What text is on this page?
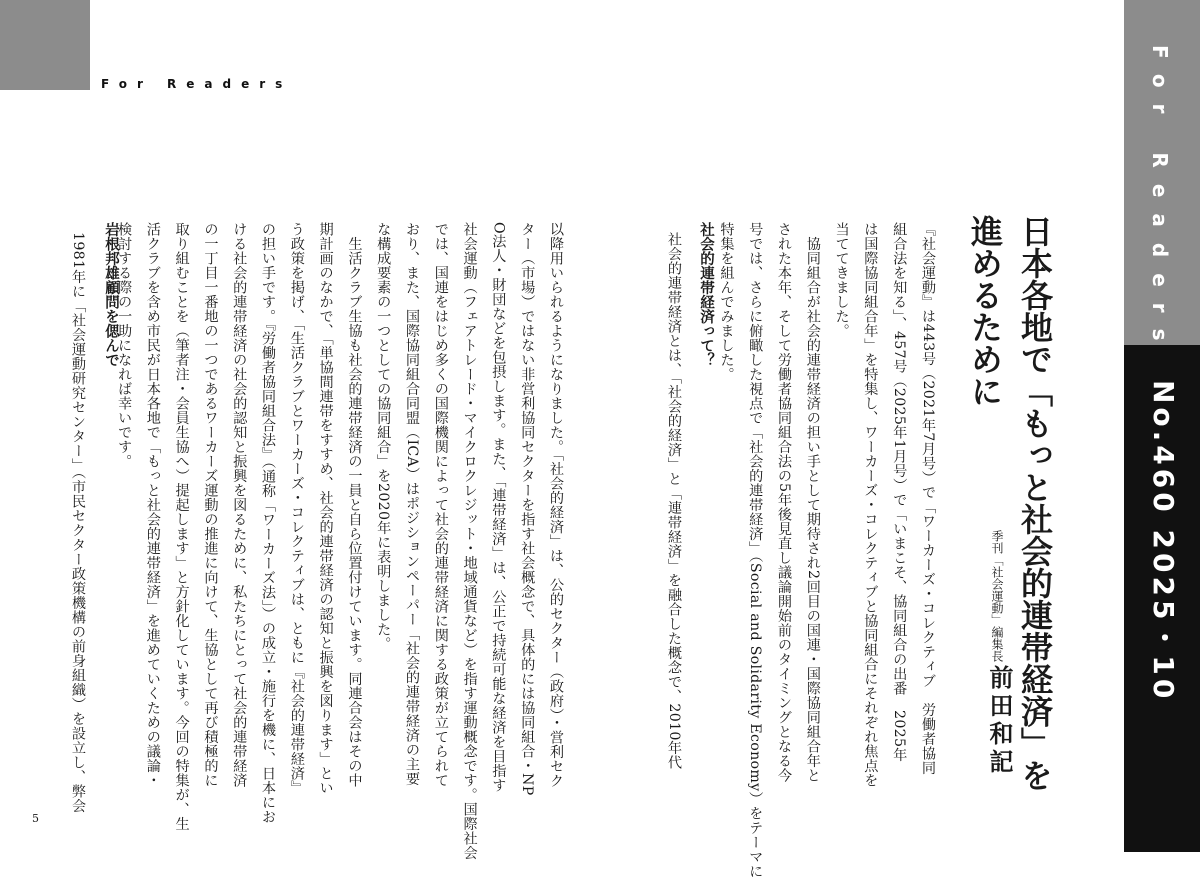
For Readers	For Readers
No.460 2025・10
日本各地で「もっと社会的連帯経済」を
進めるために
季刊「社会運動」編集長
前田和記

『社会運動』は443号（2021年7月号）で「ワーカーズ・コレクティブ　労働者協同

組合法を知る」、457号（2025年1月号）で「いまこそ、協同組合の出番　2025年

は国際協同組合年」を特集し、ワーカーズ・コレクティブと協同組合にそれぞれ焦点を

当ててきました。

　協同組合が社会的連帯経済の担い手として期待され2回目の国連・国際協同組合年と

された本年、そして労働者協同組合法の5年後見直し議論開始前のタイミングとなる今

号では、さらに俯瞰した視点で「社会的連帯経済」（Social and Solidarity Economy）をテーマに

特集を組んでみました。

社会的連帯経済って？

社会的連帯経済とは、「社会的経済」と「連帯経済」を融合した概念で、2010年代

以降用いられるようになりました。「社会的経済」は、公的セクター（政府）・営利セク

ター（市場）ではない非営利協同セクターを指す社会概念で、具体的には協同組合・NP

O法人・財団などを包摂します。また、「連帯経済」は、公正で持続可能な経済を目指す

社会運動（フェアトレード・マイクロクレジット・地域通貨など）を指す運動概念です。国際社会

では、国連をはじめ多くの国際機関によって社会的連帯経済に関する政策が立てられて

おり、また、国際協同組合同盟（ICA）はポジションペーパー「社会的連帯経済の主要

な構成要素の一つとしての協同組合」を2020年に表明しました。

　生活クラブ生協も社会的連帯経済の一員と自ら位置付けています。同連合会はその中

期計画のなかで、「単協間連帯をすすめ、社会的連帯経済の認知と振興を図ります」とい

う政策を掲げ、「生活クラブとワーカーズ・コレクティブは、ともに『社会的連帯経済』

の担い手です。『労働者協同組合法』（通称「ワーカーズ法」）の成立・施行を機に、日本にお

ける社会的連帯経済の社会的認知と振興を図るために、私たちにとって社会的連帯経済

の一丁目一番地の一つであるワーカーズ運動の推進に向けて、生協として再び積極的に

取り組むことを（筆者注・会員生協へ）提起します」と方針化しています。今回の特集が、生

活クラブを含め市民が日本各地で「もっと社会的連帯経済」を進めていくための議論・

検討する際の一助になれば幸いです。

岩根邦雄顧問を偲んで

1981年に「社会運動研究センター」（市民セクター政策機構の前身組織）を設立し、弊会

5
